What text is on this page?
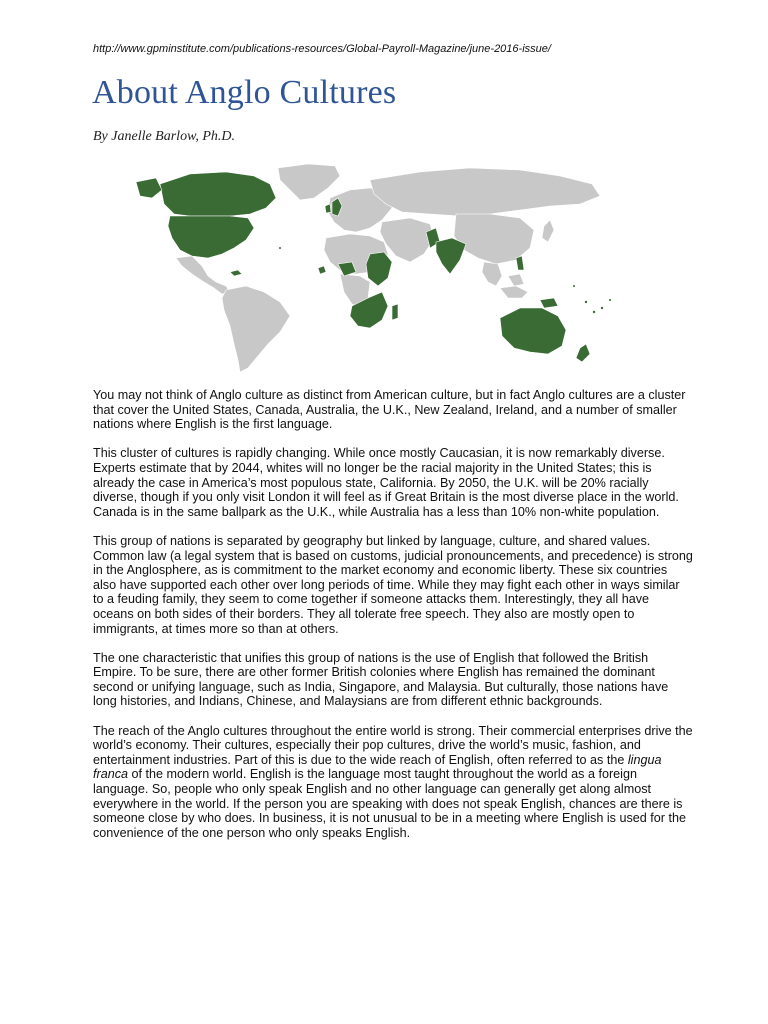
http://www.gpminstitute.com/publications-resources/Global-Payroll-Magazine/june-2016-issue/
About Anglo Cultures
By Janelle Barlow, Ph.D.

You may not think of Anglo culture as distinct from American culture, but in fact Anglo cultures are a cluster that cover the United States, Canada, Australia, the U.K., New Zealand, Ireland, and a number of smaller nations where English is the first language.

This cluster of cultures is rapidly changing. While once mostly Caucasian, it is now remarkably diverse. Experts estimate that by 2044, whites will no longer be the racial majority in the United States; this is already the case in America’s most populous state, California. By 2050, the U.K. will be 20% racially diverse, though if you only visit London it will feel as if Great Britain is the most diverse place in the world. Canada is in the same ballpark as the U.K., while Australia has a less than 10% non-white population.

This group of nations is separated by geography but linked by language, culture, and shared values. Common law (a legal system that is based on customs, judicial pronouncements, and precedence) is strong in the Anglosphere, as is commitment to the market economy and economic liberty. These six countries also have supported each other over long periods of time. While they may fight each other in ways similar to a feuding family, they seem to come together if someone attacks them. Interestingly, they all have oceans on both sides of their borders. They all tolerate free speech. They also are mostly open to immigrants, at times more so than at others.

The one characteristic that unifies this group of nations is the use of English that followed the British Empire. To be sure, there are other former British colonies where English has remained the dominant second or unifying language, such as India, Singapore, and Malaysia. But culturally, those nations have long histories, and Indians, Chinese, and Malaysians are from different ethnic backgrounds.

The reach of the Anglo cultures throughout the entire world is strong. Their commercial enterprises drive the world’s economy. Their cultures, especially their pop cultures, drive the world’s music, fashion, and entertainment industries. Part of this is due to the wide reach of English, often referred to as the lingua franca of the modern world. English is the language most taught throughout the world as a foreign language. So, people who only speak English and no other language can generally get along almost everywhere in the world. If the person you are speaking with does not speak English, chances are there is someone close by who does. In business, it is not unusual to be in a meeting where English is used for the convenience of the one person who only speaks English.
